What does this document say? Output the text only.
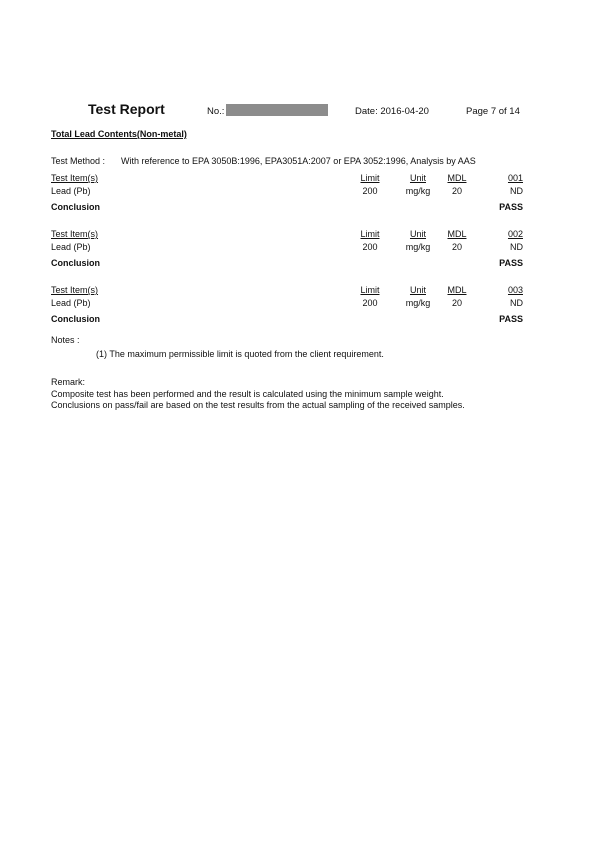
Test Report	No.:	Date: 2016-04-20	Page 7 of 14
Total Lead Contents(Non-metal)
Test Method : With reference to EPA 3050B:1996, EPA3051A:2007 or EPA 3052:1996, Analysis by AAS
Test Item(s)	Limit	Unit	MDL	001
Lead (Pb)	200	mg/kg	20	ND
Conclusion	PASS
Test Item(s)	Limit	Unit	MDL	002
Lead (Pb)	200	mg/kg	20	ND
Conclusion	PASS
Test Item(s)	Limit	Unit	MDL	003
Lead (Pb)	200	mg/kg	20	ND
Conclusion	PASS
Notes :
(1) The maximum permissible limit is quoted from the client requirement.
Remark:
Composite test has been performed and the result is calculated using the minimum sample weight.
Conclusions on pass/fail are based on the test results from the actual sampling of the received samples.
